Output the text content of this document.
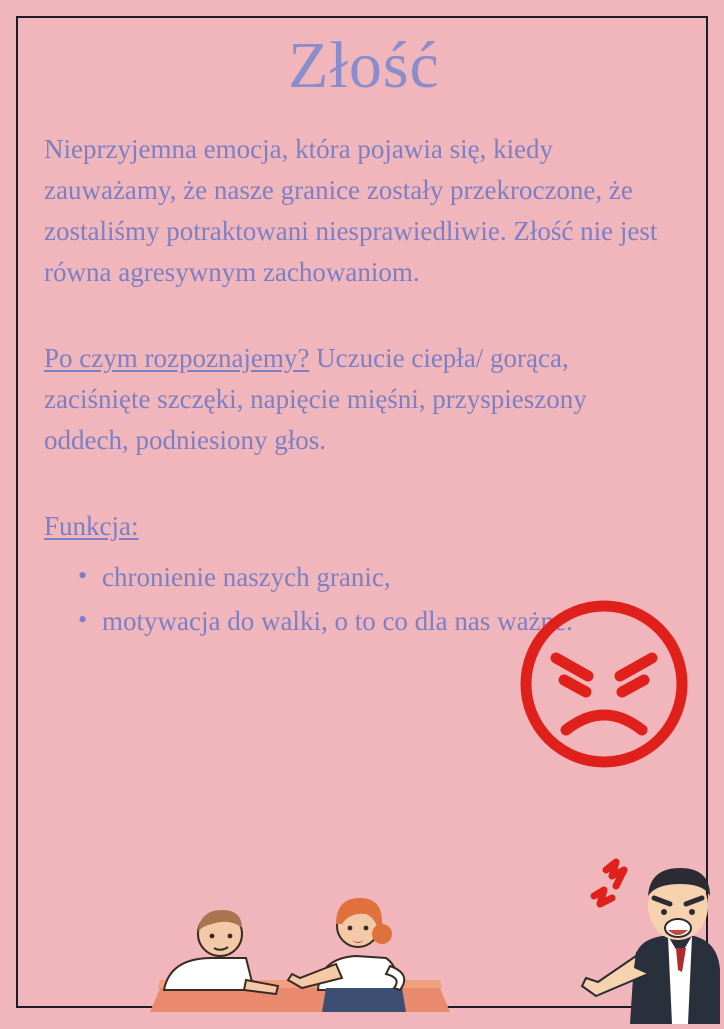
Złość

Nieprzyjemna emocja, która pojawia się, kiedy zauważamy, że nasze granice zostały przekroczone, że zostaliśmy potraktowani niesprawiedliwie. Złość nie jest równa agresywnym zachowaniom.

Po czym rozpoznajemy? Uczucie ciepła/ gorąca, zaciśnięte szczęki, napięcie mięśni, przyspieszony oddech, podniesiony głos.

Funkcja:

• chronienie naszych granic,
• motywacja do walki, o to co dla nas ważne.
